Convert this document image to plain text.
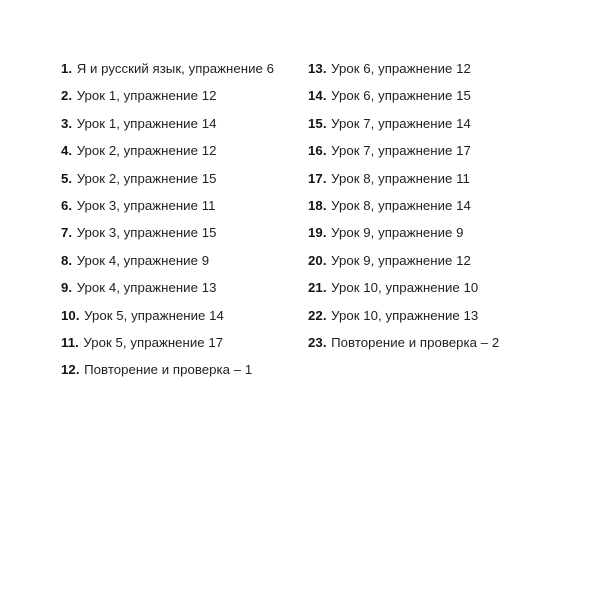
1. Я и русский язык, упражнение 6
2. Урок 1, упражнение 12
3. Урок 1, упражнение 14
4. Урок 2, упражнение 12
5. Урок 2, упражнение 15
6. Урок 3, упражнение 11
7. Урок 3, упражнение 15
8. Урок 4, упражнение 9
9. Урок 4, упражнение 13
10. Урок 5, упражнение 14
11. Урок 5, упражнение 17
12. Повторение и проверка – 1
13. Урок 6, упражнение 12
14. Урок 6, упражнение 15
15. Урок 7, упражнение 14
16. Урок 7, упражнение 17
17. Урок 8, упражнение 11
18. Урок 8, упражнение 14
19. Урок 9, упражнение 9
20. Урок 9, упражнение 12
21. Урок 10, упражнение 10
22. Урок 10, упражнение 13
23. Повторение и проверка – 2
